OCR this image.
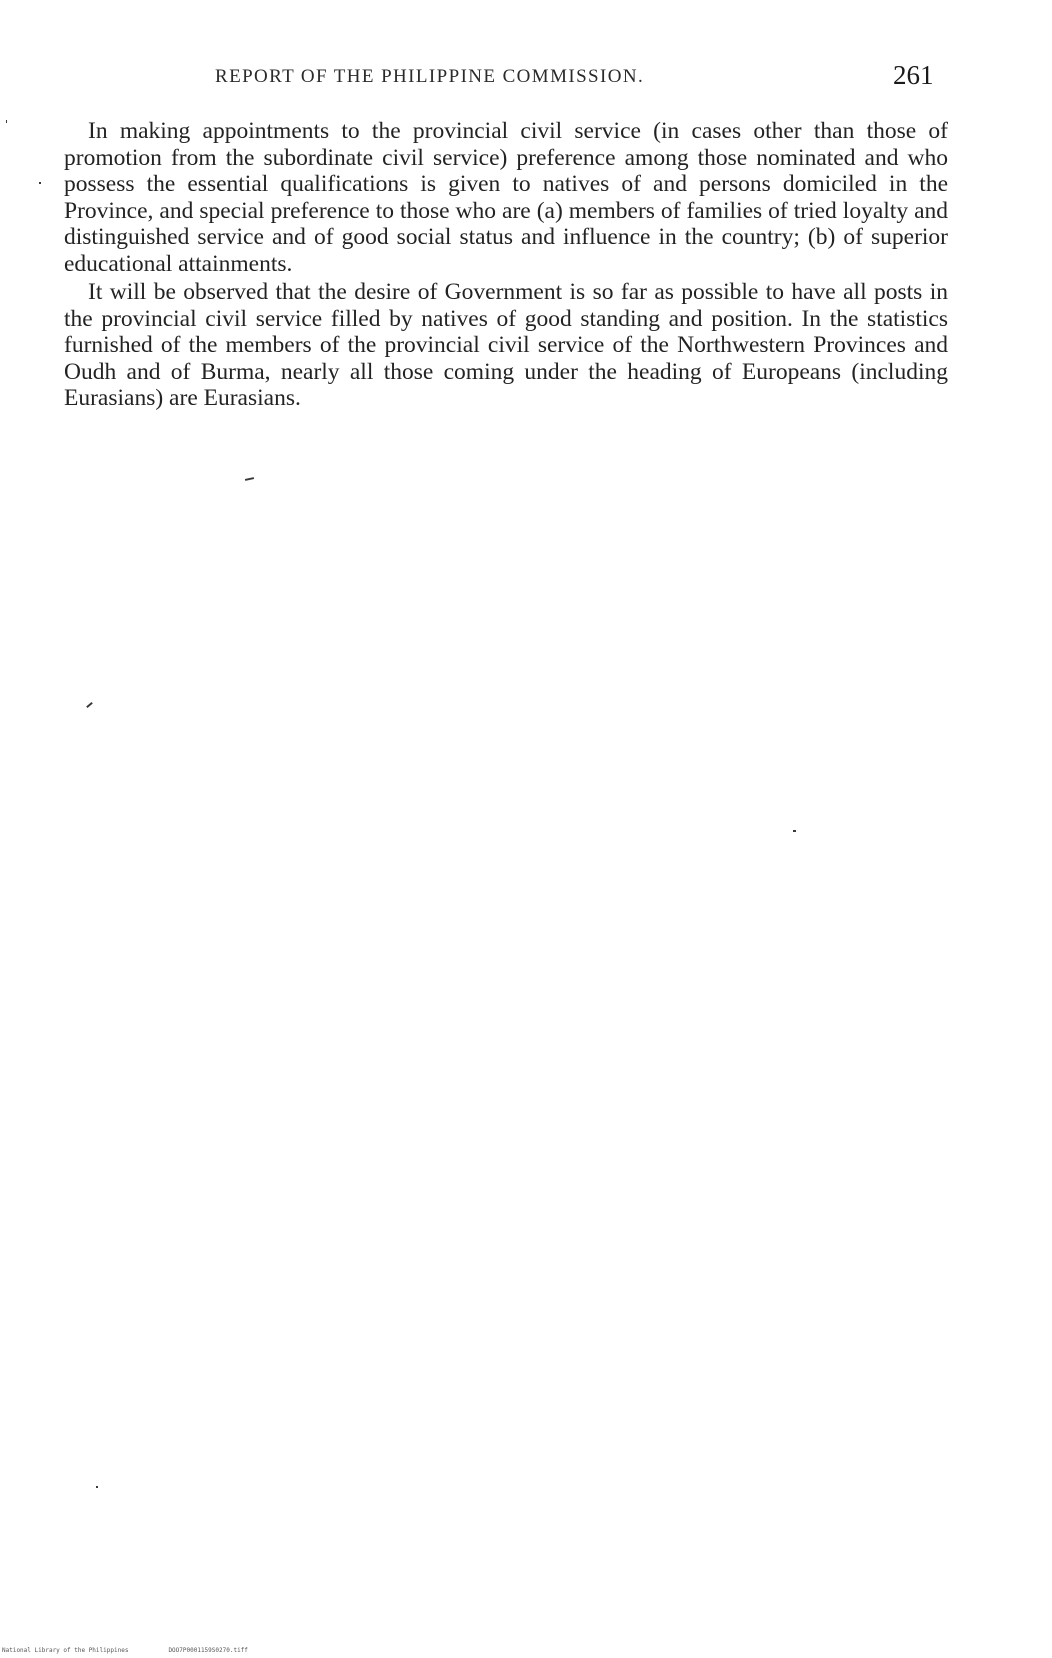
REPORT OF THE PHILIPPINE COMMISSION.	261

In making appointments to the provincial civil service (in cases other than those of promotion from the subordinate civil service) preference among those nominated and who possess the essential qualifications is given to natives of and persons domiciled in the Province, and special preference to those who are (a) members of families of tried loyalty and distinguished service and of good social status and influence in the country; (b) of superior educational attainments.

It will be observed that the desire of Government is so far as possible to have all posts in the provincial civil service filled by natives of good standing and position. In the statistics furnished of the members of the provincial civil service of the Northwestern Provinces and Oudh and of Burma, nearly all those coming under the heading of Europeans (including Eurasians) are Eurasians.

National Library of the Philippines	DOO7P0001159S0270.tiff
